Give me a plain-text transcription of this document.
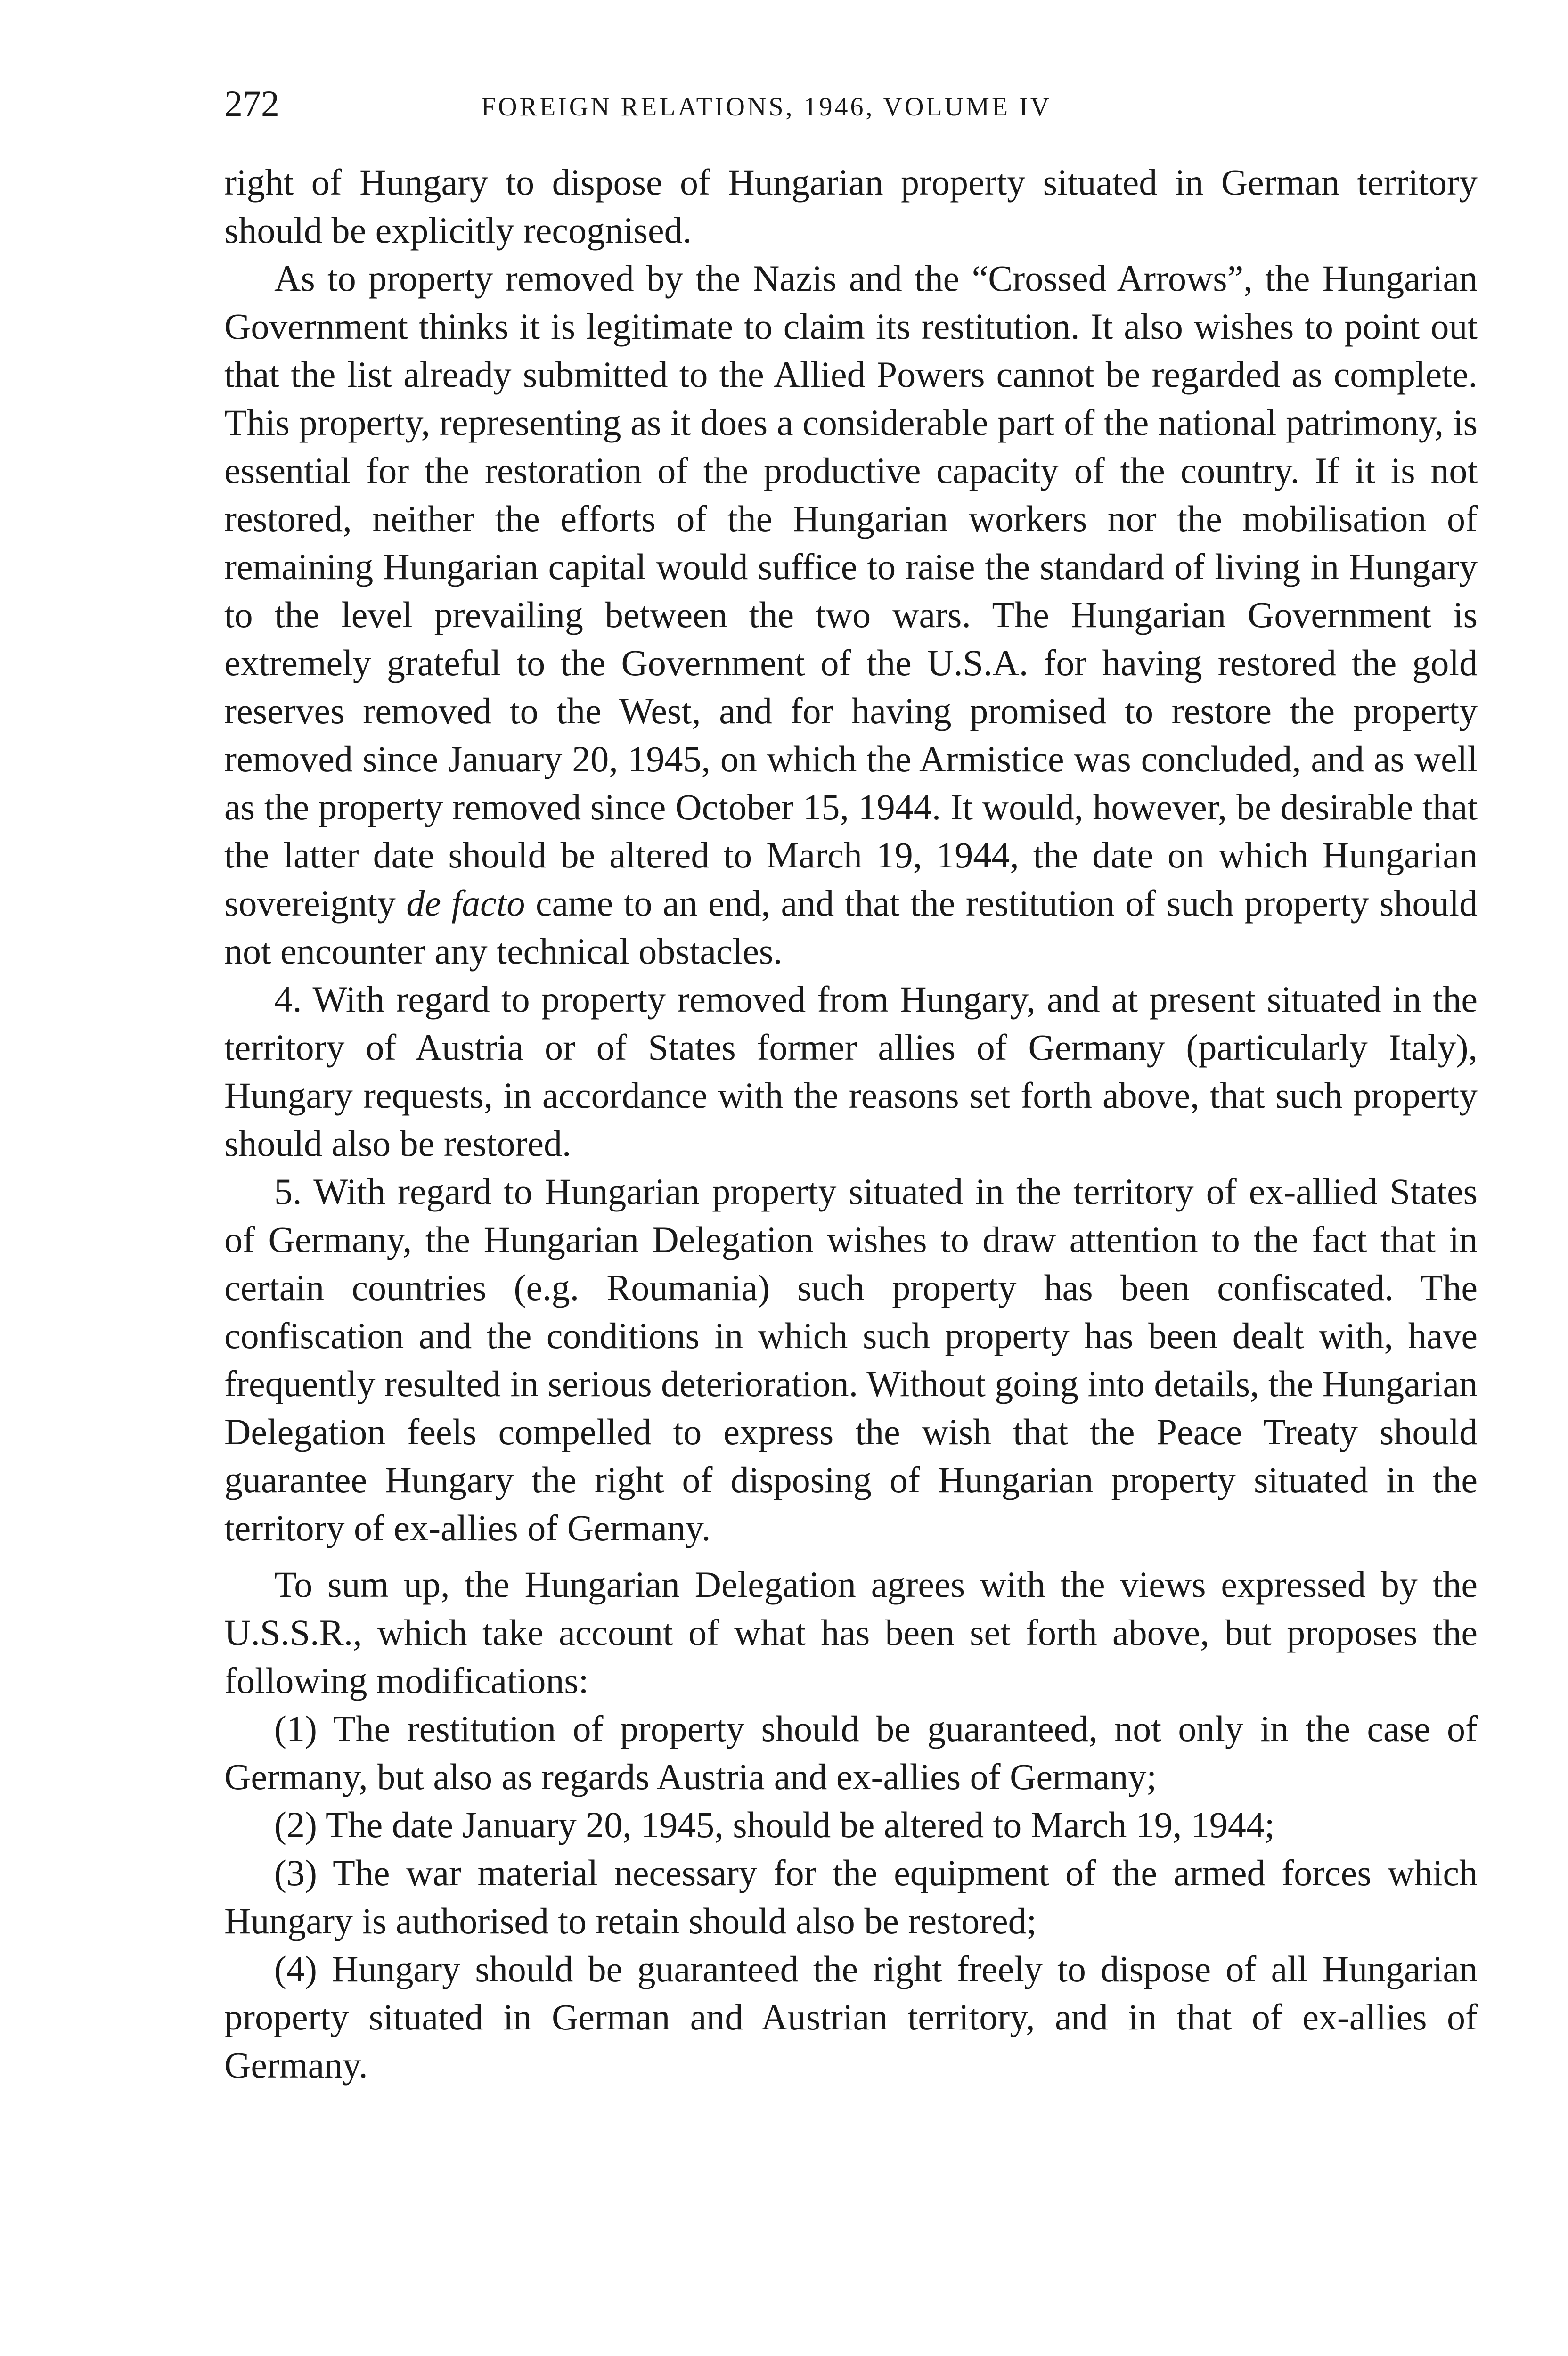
272	FOREIGN RELATIONS, 1946, VOLUME IV

right of Hungary to dispose of Hungarian property situated in German territory should be explicitly recognised.

As to property removed by the Nazis and the “Crossed Arrows”, the Hungarian Government thinks it is legitimate to claim its restitution. It also wishes to point out that the list already submitted to the Allied Powers cannot be regarded as complete. This property, representing as it does a considerable part of the national patrimony, is essential for the restoration of the productive capacity of the country. If it is not restored, neither the efforts of the Hungarian workers nor the mobilisation of remaining Hungarian capital would suffice to raise the standard of living in Hungary to the level prevailing between the two wars. The Hungarian Government is extremely grateful to the Government of the U.S.A. for having restored the gold reserves removed to the West, and for having promised to restore the property removed since January 20, 1945, on which the Armistice was concluded, and as well as the property removed since October 15, 1944. It would, however, be desirable that the latter date should be altered to March 19, 1944, the date on which Hungarian sovereignty de facto came to an end, and that the restitution of such property should not encounter any technical obstacles.

4. With regard to property removed from Hungary, and at present situated in the territory of Austria or of States former allies of Germany (particularly Italy), Hungary requests, in accordance with the reasons set forth above, that such property should also be restored.

5. With regard to Hungarian property situated in the territory of ex-allied States of Germany, the Hungarian Delegation wishes to draw attention to the fact that in certain countries (e.g. Roumania) such property has been confiscated. The confiscation and the conditions in which such property has been dealt with, have frequently resulted in serious deterioration. Without going into details, the Hungarian Delegation feels compelled to express the wish that the Peace Treaty should guarantee Hungary the right of disposing of Hungarian property situated in the territory of ex-allies of Germany.

To sum up, the Hungarian Delegation agrees with the views expressed by the U.S.S.R., which take account of what has been set forth above, but proposes the following modifications:

(1) The restitution of property should be guaranteed, not only in the case of Germany, but also as regards Austria and ex-allies of Germany;

(2) The date January 20, 1945, should be altered to March 19, 1944;

(3) The war material necessary for the equipment of the armed forces which Hungary is authorised to retain should also be restored;

(4) Hungary should be guaranteed the right freely to dispose of all Hungarian property situated in German and Austrian territory, and in that of ex-allies of Germany.
